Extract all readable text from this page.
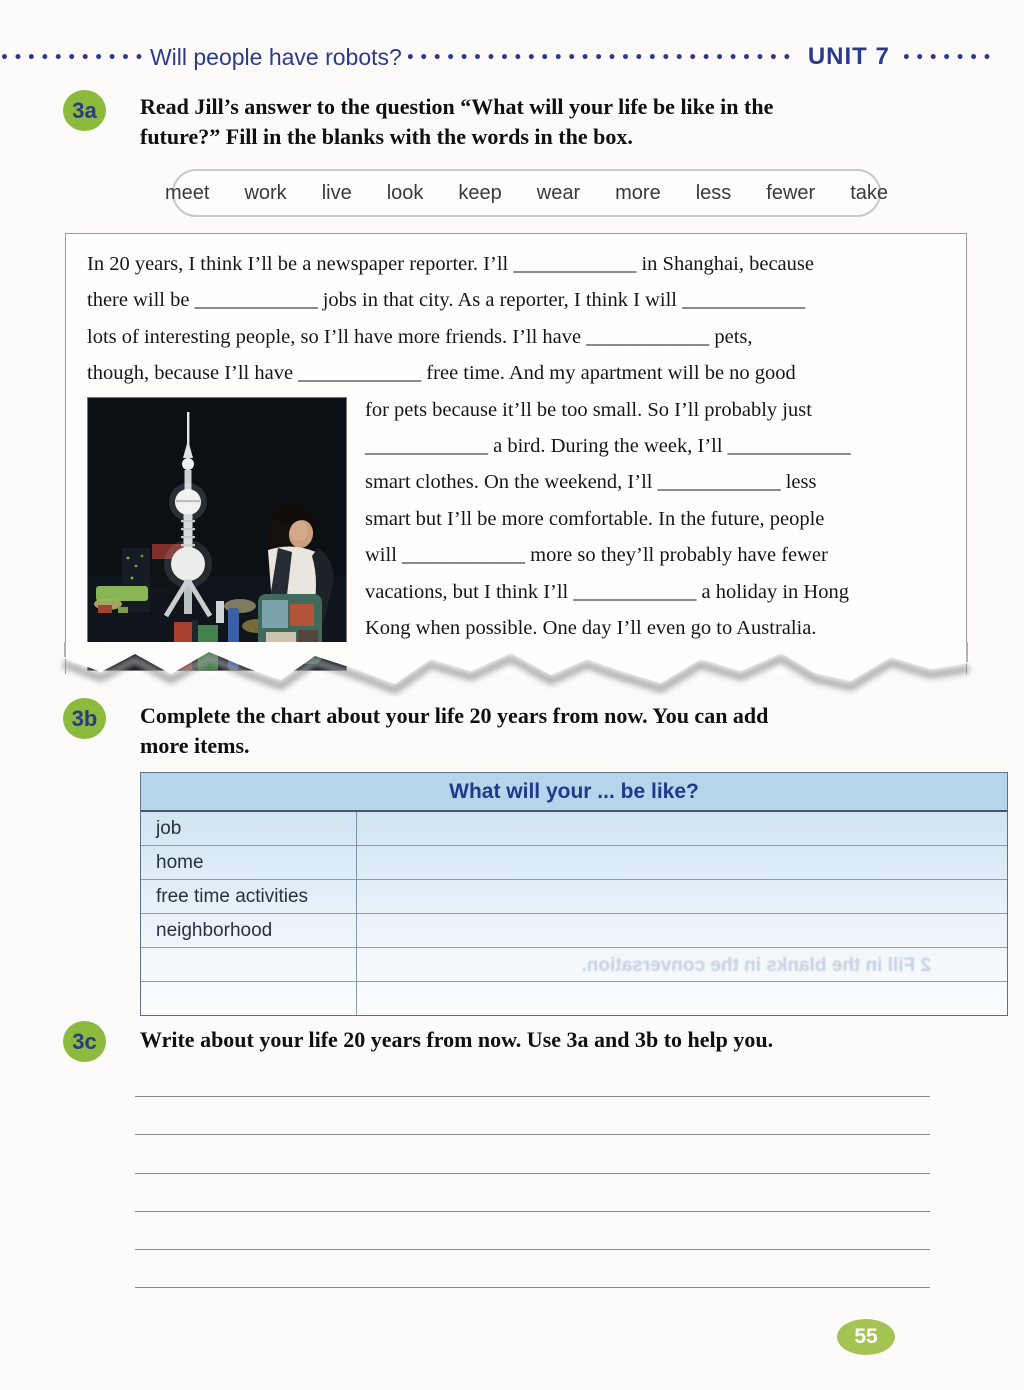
••••••••••• Will people have robots? ••••••••••••••••••••••••••••• UNIT 7 •••••••
3a	Read Jill’s answer to the question “What will your life be like in the
future?” Fill in the blanks with the words in the box.
meet work live look keep wear more less fewer take
In 20 years, I think I’ll be a newspaper reporter. I’ll ____________ in Shanghai, because
there will be ____________ jobs in that city. As a reporter, I think I will ____________
lots of interesting people, so I’ll have more friends. I’ll have ____________ pets,
though, because I’ll have ____________ free time. And my apartment will be no good
for pets because it’ll be too small. So I’ll probably just
____________ a bird. During the week, I’ll ____________
smart clothes. On the weekend, I’ll ____________ less
smart but I’ll be more comfortable. In the future, people
will ____________ more so they’ll probably have fewer
vacations, but I think I’ll ____________ a holiday in Hong
Kong when possible. One day I’ll even go to Australia.
3b	Complete the chart about your life 20 years from now. You can add
more items.
What will your ... be like?
job
home
free time activities
neighborhood
2 Fill in the blanks in the conversation.
3c	Write about your life 20 years from now. Use 3a and 3b to help you.
55
